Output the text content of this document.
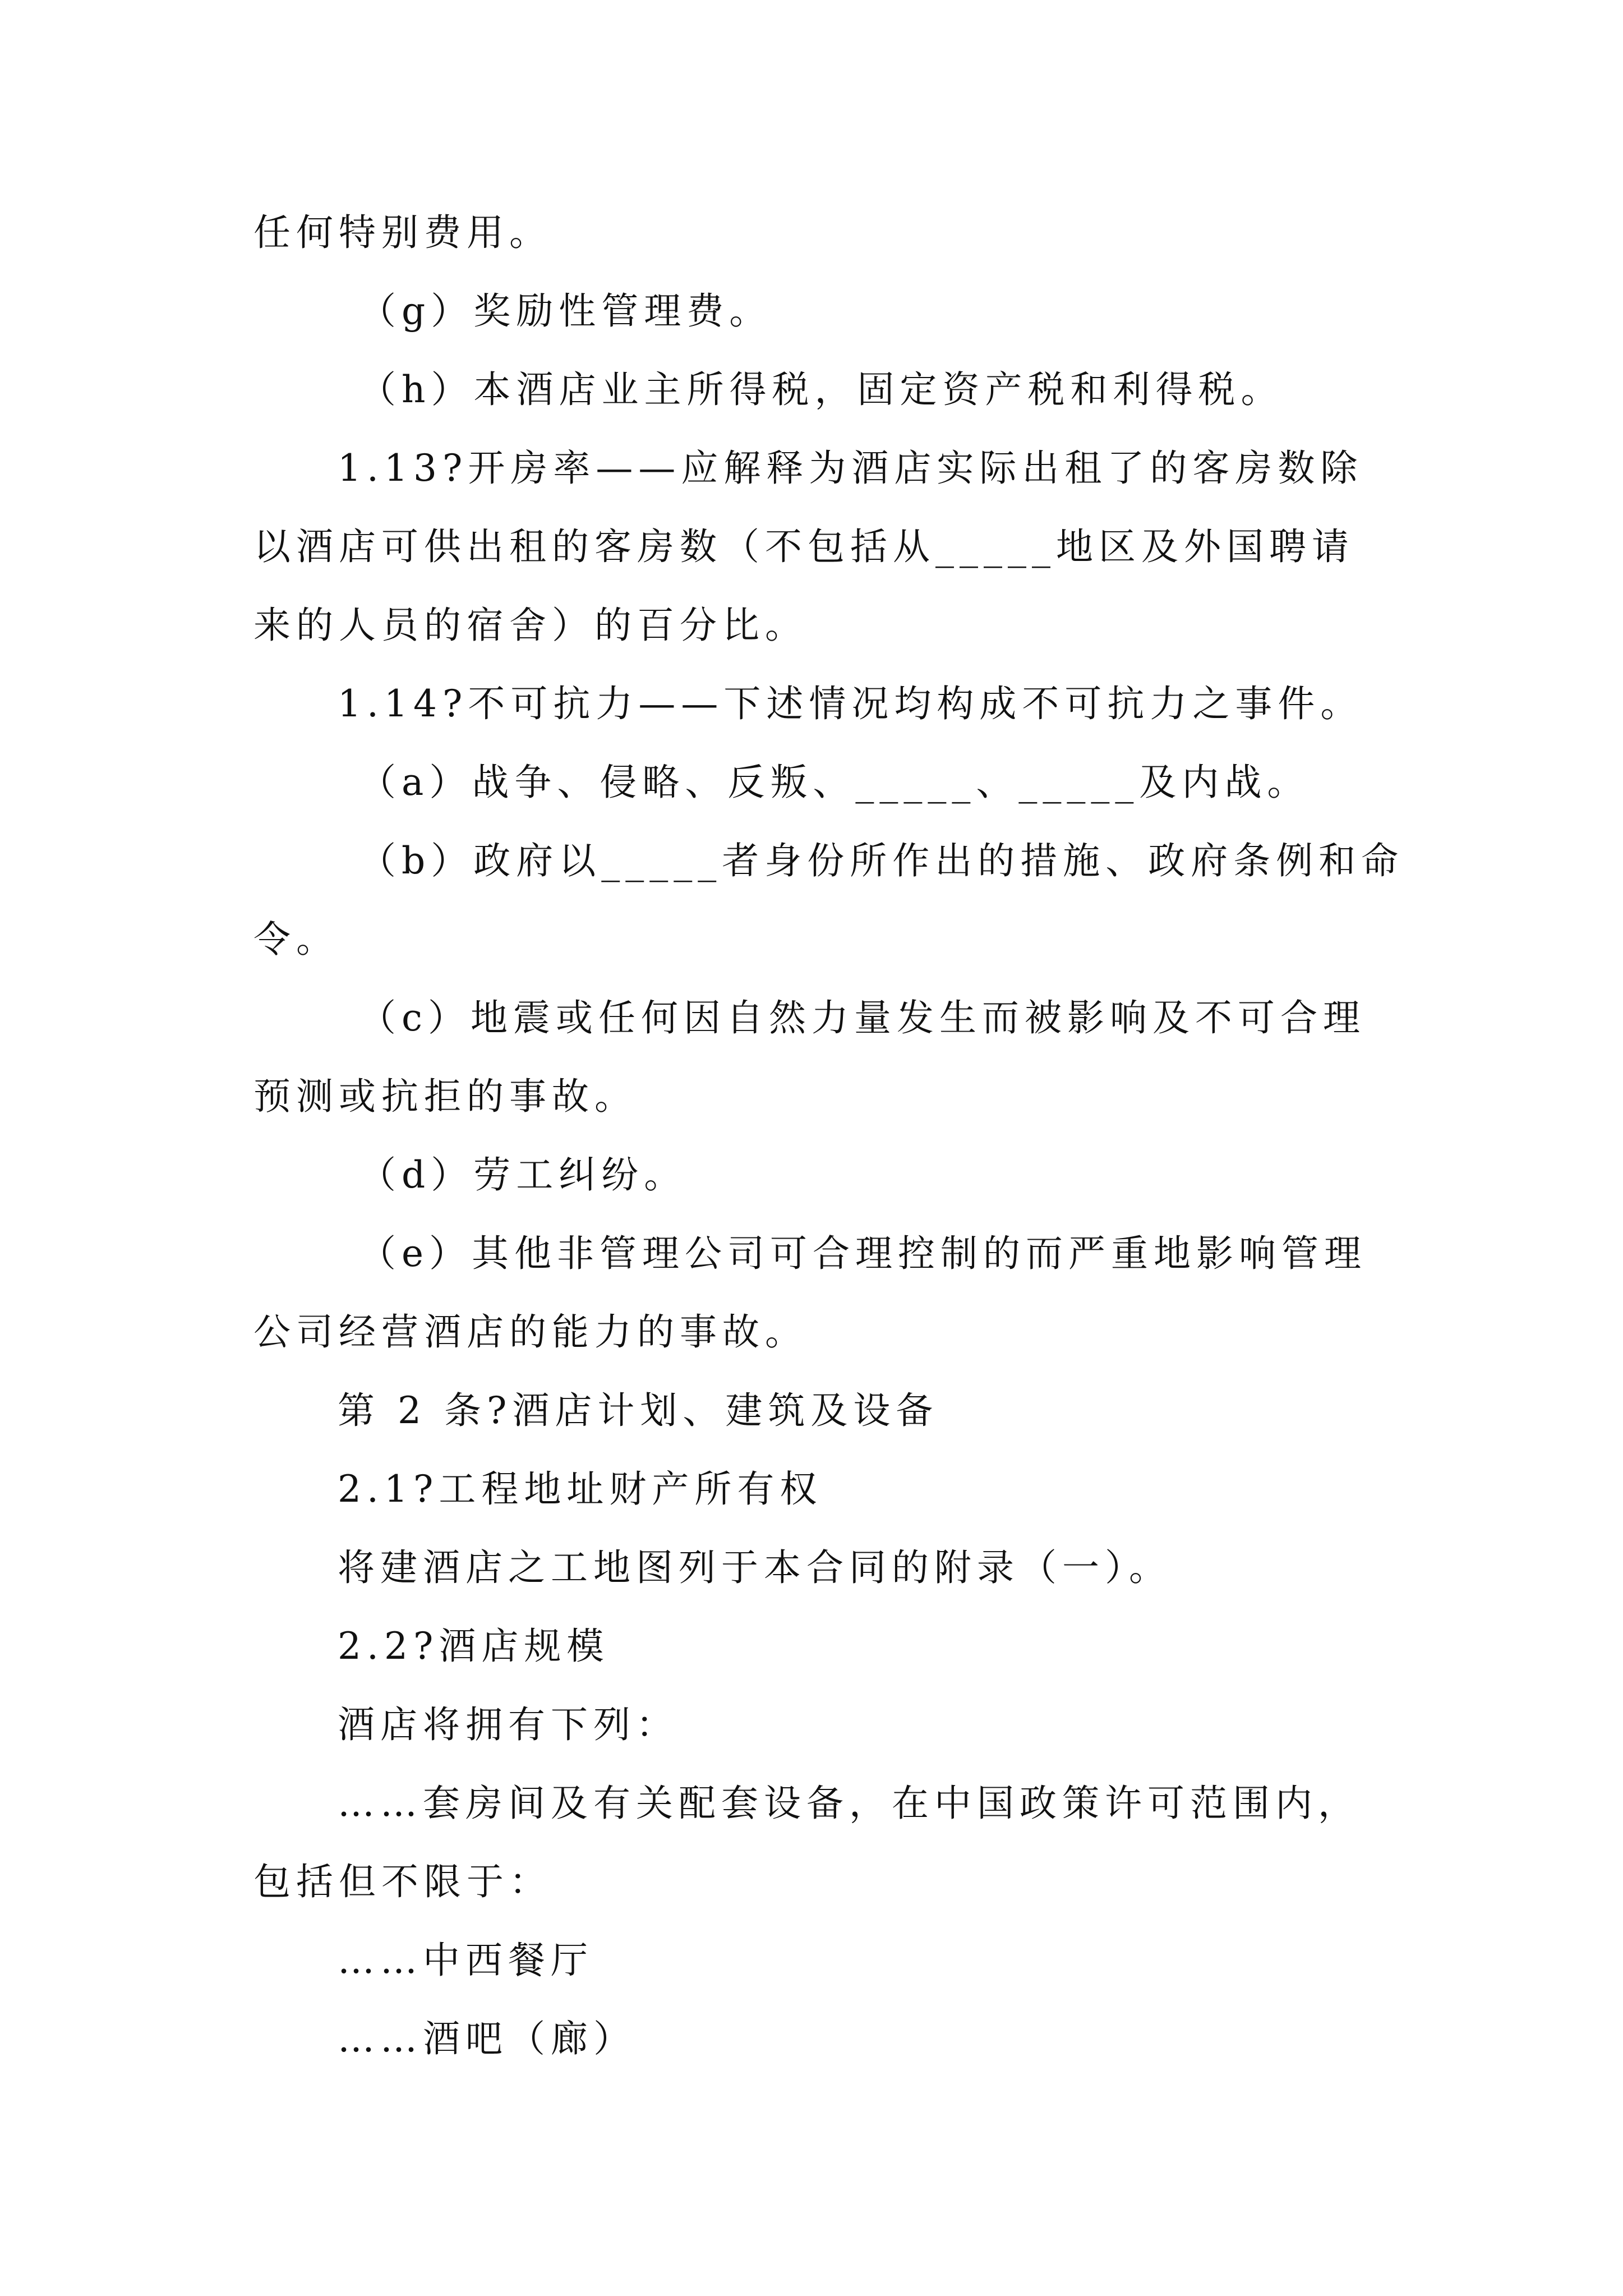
任何特别费用。
（g）奖励性管理费。
（h）本酒店业主所得税，固定资产税和利得税。
1.13?开房率——应解释为酒店实际出租了的客房数除
以酒店可供出租的客房数（不包括从_____地区及外国聘请
来的人员的宿舍）的百分比。
1.14?不可抗力——下述情况均构成不可抗力之事件。
（a）战争、侵略、反叛、_____、_____及内战。
（b）政府以_____者身份所作出的措施、政府条例和命
令。
（c）地震或任何因自然力量发生而被影响及不可合理
预测或抗拒的事故。
（d）劳工纠纷。
（e）其他非管理公司可合理控制的而严重地影响管理
公司经营酒店的能力的事故。
第 2 条?酒店计划、建筑及设备
2.1?工程地址财产所有权
将建酒店之工地图列于本合同的附录（一）。
2.2?酒店规模
酒店将拥有下列：
……套房间及有关配套设备，在中国政策许可范围内，
包括但不限于：
……中西餐厅
……酒吧（廊）
